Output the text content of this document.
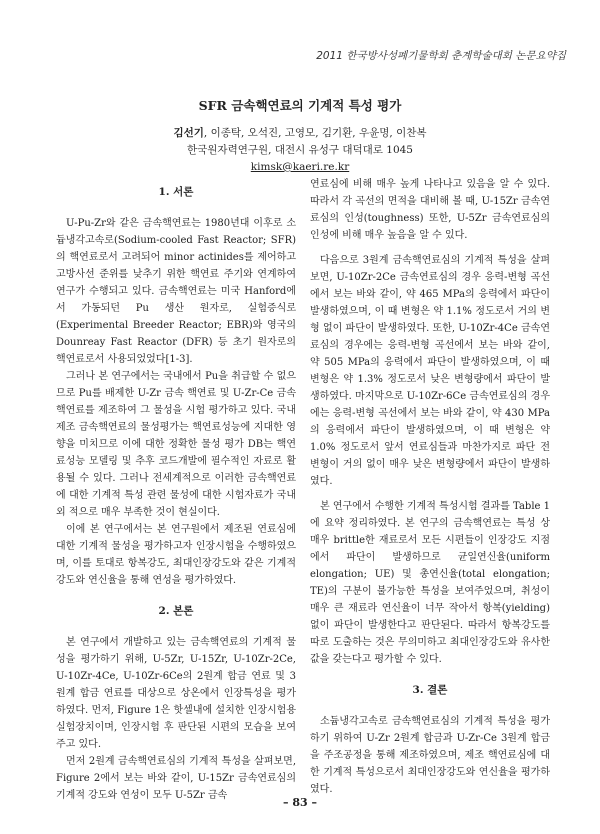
2011 한국방사성폐기물학회 춘계학술대회 논문요약집
SFR 금속핵연료의 기계적 특성 평가
김선기, 이종탁, 오석진, 고영모, 김기환, 우윤명, 이찬복
한국원자력연구원, 대전시 유성구 대덕대로 1045
kimsk@kaeri.re.kr
1. 서론

U-Pu-Zr와 같은 금속핵연료는 1980년대 이후로 소듐냉각고속로(Sodium-cooled Fast Reactor; SFR)의 핵연료로서 고려되어 minor actinides를 제어하고 고방사선 준위를 낮추기 위한 핵연료 주기와 연계하여 연구가 수행되고 있다. 금속핵연료는 미국 Hanford에서 가동되던 Pu 생산 원자로, 실험증식로(Experimental Breeder Reactor; EBR)와 영국의 Dounreay Fast Reactor (DFR) 등 초기 원자로의 핵연료로서 사용되었었다[1-3].

그러나 본 연구에서는 국내에서 Pu을 취급할 수 없으므로 Pu를 배제한 U-Zr 금속 핵연료 및 U-Zr-Ce 금속 핵연료를 제조하여 그 물성을 시험 평가하고 있다. 국내 제조 금속핵연료의 물성평가는 핵연료성능에 지대한 영향을 미치므로 이에 대한 정확한 물성 평가 DB는 핵연료성능 모델링 및 추후 코드개발에 필수적인 자료로 활용될 수 있다. 그러나 전세계적으로 이러한 금속핵연료에 대한 기계적 특성 관련 물성에 대한 시험자료가 국내외 적으로 매우 부족한 것이 현실이다.

이에 본 연구에서는 본 연구원에서 제조된 연료심에 대한 기계적 물성을 평가하고자 인장시험을 수행하였으며, 이를 토대로 항복강도, 최대인장강도와 같은 기계적 강도와 연신율을 통해 연성을 평가하였다.

2. 본론

본 연구에서 개발하고 있는 금속핵연료의 기계적 물성을 평가하기 위해, U-5Zr, U-15Zr, U-10Zr-2Ce, U-10Zr-4Ce, U-10Zr-6Ce의 2원계 합금 연료 및 3원계 합금 연료를 대상으로 상온에서 인장특성을 평가하였다. 먼저, Figure 1은 핫셀내에 설치한 인장시험용 실험장치이며, 인장시험 후 판단된 시편의 모습을 보여주고 있다.

먼저 2원계 금속핵연료심의 기계적 특성을 살펴보면, Figure 2에서 보는 바와 같이, U-15Zr 금속연료심의 기계적 강도와 연성이 모두 U-5Zr 금속

연료심에 비해 매우 높게 나타나고 있음을 알 수 있다. 따라서 각 곡선의 면적을 대비해 볼 때, U-15Zr 금속연료심의 인성(toughness) 또한, U-5Zr 금속연료심의 인성에 비해 매우 높음을 알 수 있다.

다음으로 3원계 금속핵연료심의 기계적 특성을 살펴보면, U-10Zr-2Ce 금속연료심의 경우 응력-변형 곡선에서 보는 바와 같이, 약 465 MPa의 응력에서 파단이 발생하였으며, 이 때 변형은 약 1.1% 정도로서 거의 변형 없이 파단이 발생하였다. 또한, U-10Zr-4Ce 금속연료심의 경우에는 응력-변형 곡선에서 보는 바와 같이, 약 505 MPa의 응력에서 파단이 발생하였으며, 이 때 변형은 약 1.3% 정도로서 낮은 변형량에서 파단이 발생하였다. 마지막으로 U-10Zr-6Ce 금속연료심의 경우에는 응력-변형 곡선에서 보는 바와 같이, 약 430 MPa의 응력에서 파단이 발생하였으며, 이 때 변형은 약 1.0% 정도로서 앞서 연료심들과 마찬가지로 파단 전 변형이 거의 없이 매우 낮은 변형량에서 파단이 발생하였다.

본 연구에서 수행한 기계적 특성시험 결과를 Table 1에 요약 정리하였다. 본 연구의 금속핵연료는 특성 상 매우 brittle한 재료로서 모든 시편들이 인장강도 지점에서 파단이 발생하므로 균일연신율(uniform elongation; UE) 및 총연신율(total elongation; TE)의 구분이 불가능한 특성을 보여주었으며, 취성이 매우 큰 재료라 연신율이 너무 작아서 항복(yielding) 없이 파단이 발생한다고 판단된다. 따라서 항복강도를 따로 도출하는 것은 무의미하고 최대인장강도와 유사한 값을 갖는다고 평가할 수 있다.

3. 결론

소듐냉각고속로 금속핵연료심의 기계적 특성을 평가하기 위하여 U-Zr 2원계 합금과 U-Zr-Ce 3원계 합금을 주조공정을 통해 제조하였으며, 제조 핵연료심에 대한 기계적 특성으로서 최대인장강도와 연신율을 평가하였다.

– 83 –
